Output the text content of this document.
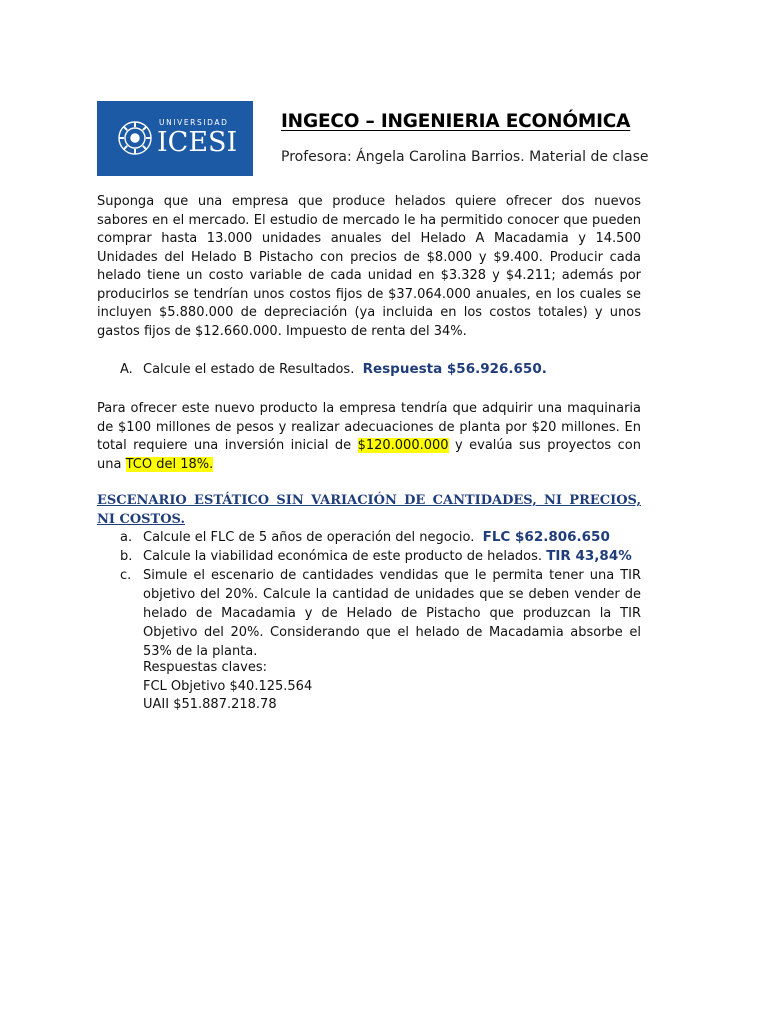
UNIVERSIDAD
ICESI
INGECO – INGENIERIA ECONÓMICA
Profesora: Ángela Carolina Barrios. Material de clase
Suponga que una empresa que produce helados quiere ofrecer dos nuevos sabores en el mercado. El estudio de mercado le ha permitido conocer que pueden comprar hasta 13.000 unidades anuales del Helado A Macadamia y 14.500 Unidades del Helado B Pistacho con precios de $8.000 y $9.400. Producir cada helado tiene un costo variable de cada unidad en $3.328 y $4.211; además por producirlos se tendrían unos costos fijos de $37.064.000 anuales, en los cuales se incluyen $5.880.000 de depreciación (ya incluida en los costos totales) y unos gastos fijos de $12.660.000. Impuesto de renta del 34%.
A. Calcule el estado de Resultados. Respuesta $56.926.650.
Para ofrecer este nuevo producto la empresa tendría que adquirir una maquinaria de $100 millones de pesos y realizar adecuaciones de planta por $20 millones. En total requiere una inversión inicial de $120.000.000 y evalúa sus proyectos con una TCO del 18%.
ESCENARIO ESTÁTICO SIN VARIACIÓN DE CANTIDADES, NI PRECIOS, NI COSTOS.
a. Calcule el FLC de 5 años de operación del negocio. FLC $62.806.650
b. Calcule la viabilidad económica de este producto de helados. TIR 43,84%
c. Simule el escenario de cantidades vendidas que le permita tener una TIR objetivo del 20%. Calcule la cantidad de unidades que se deben vender de helado de Macadamia y de Helado de Pistacho que produzcan la TIR Objetivo del 20%. Considerando que el helado de Macadamia absorbe el 53% de la planta.
Respuestas claves:
FCL Objetivo $40.125.564
UAII $51.887.218.78
